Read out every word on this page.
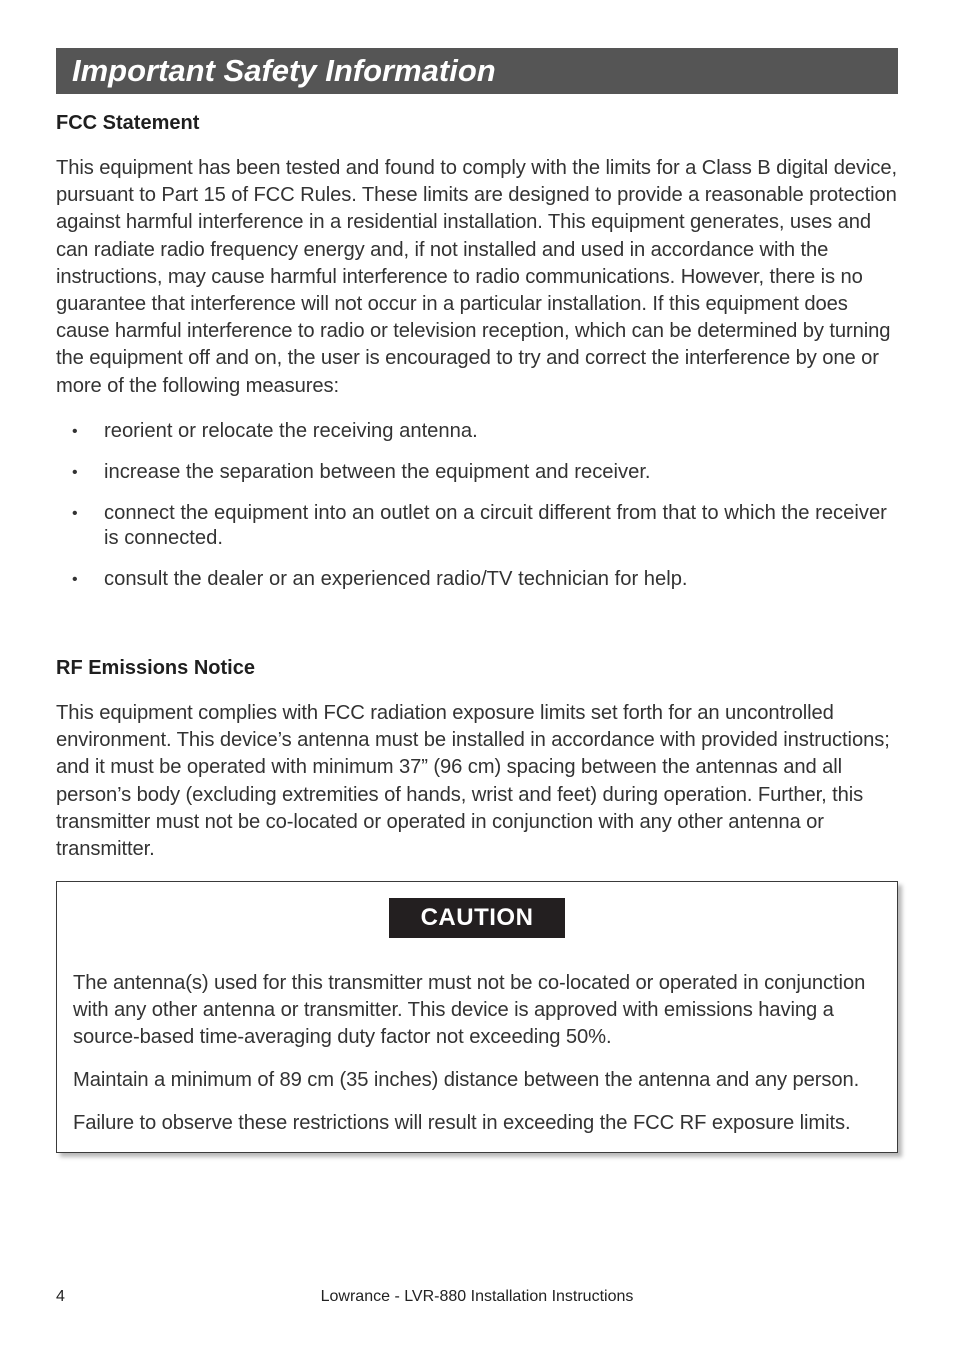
Important Safety Information
FCC Statement

This equipment has been tested and found to comply with the limits for a Class B digital device, pursuant to Part 15 of FCC Rules. These limits are designed to provide a reasonable protection against harmful interference in a residential installation. This equipment generates, uses and can radiate radio frequency energy and, if not installed and used in accordance with the instructions, may cause harmful interference to radio communications. However, there is no guarantee that interference will not occur in a particular installation. If this equipment does cause harmful interference to radio or television reception, which can be determined by turning the equipment off and on, the user is encouraged to try and correct the interference by one or more of the following measures:

• reorient or relocate the receiving antenna.
• increase the separation between the equipment and receiver.
• connect the equipment into an outlet on a circuit different from that to which the receiver is connected.
• consult the dealer or an experienced radio/TV technician for help.
RF Emissions Notice

This equipment complies with FCC radiation exposure limits set forth for an uncontrolled environment. This device’s antenna must be installed in accordance with provided instructions; and it must be operated with minimum 37” (96 cm) spacing between the antennas and all person’s body (excluding extremities of hands, wrist and feet) during operation. Further, this transmitter must not be co-located or operated in conjunction with any other antenna or transmitter.

CAUTION

The antenna(s) used for this transmitter must not be co-located or operated in conjunction with any other antenna or transmitter. This device is approved with emissions having a source-based time-averaging duty factor not exceeding 50%.

Maintain a minimum of 89 cm (35 inches) distance between the antenna and any person.

Failure to observe these restrictions will result in exceeding the FCC RF exposure limits.

Lowrance - LVR-880 Installation Instructions
4
